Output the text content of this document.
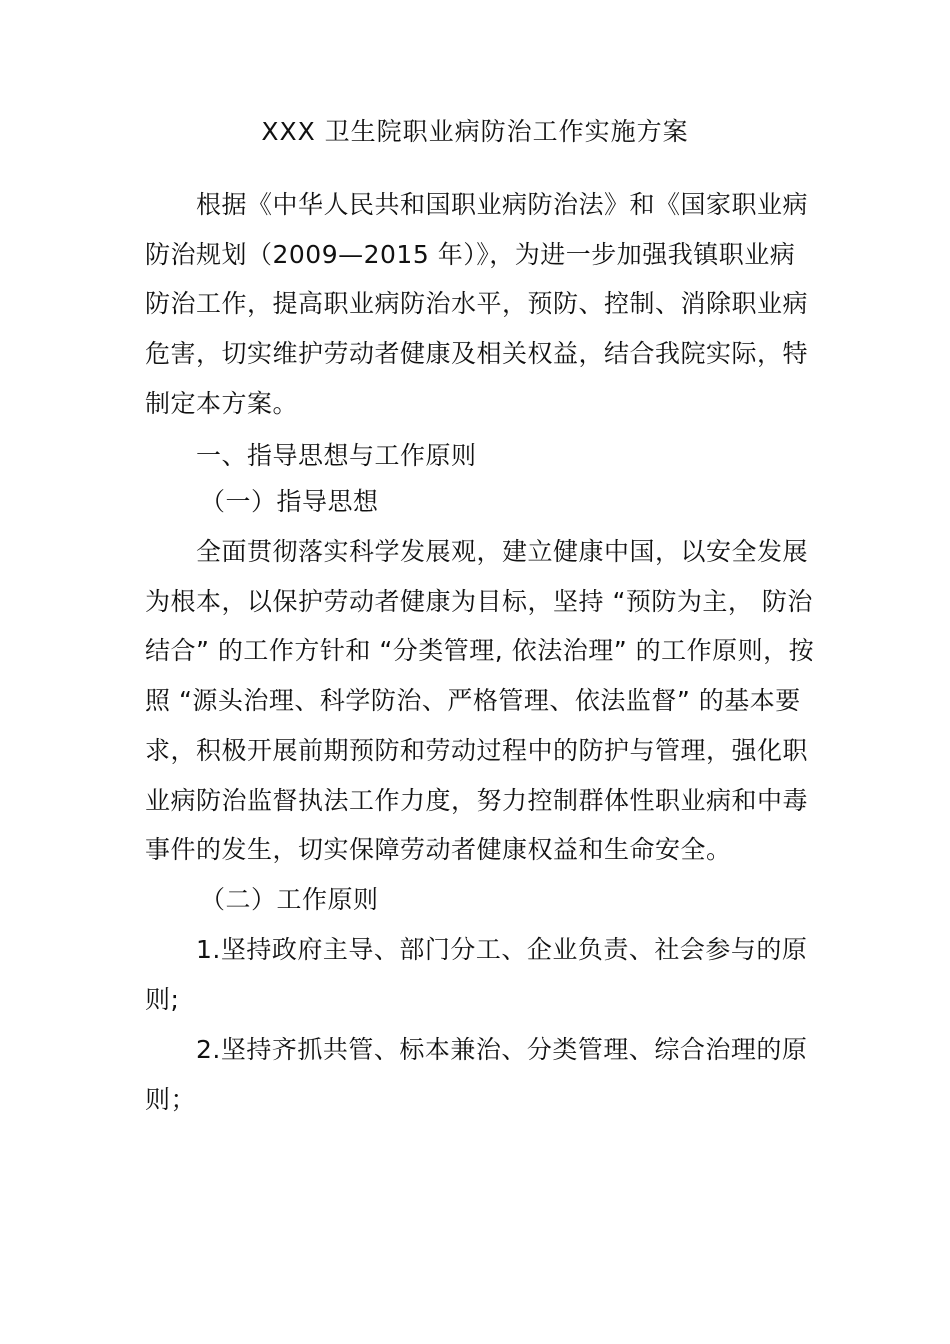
XXX 卫生院职业病防治工作实施方案
根据《中华人民共和国职业病防治法》和《国家职业病
防治规划（2009—2015 年）》，为进一步加强我镇职业病
防治工作，提高职业病防治水平，预防、控制、消除职业病
危害，切实维护劳动者健康及相关权益，结合我院实际，特
制定本方案。
一、指导思想与工作原则
（一）指导思想
全面贯彻落实科学发展观，建立健康中国，以安全发展
为根本，以保护劳动者健康为目标，坚持 “预防为主， 防治
结合” 的工作方针和 “分类管理, 依法治理” 的工作原则，按
照 “源头治理、科学防治、严格管理、依法监督” 的基本要
求，积极开展前期预防和劳动过程中的防护与管理，强化职
业病防治监督执法工作力度，努力控制群体性职业病和中毒
事件的发生，切实保障劳动者健康权益和生命安全。
（二）工作原则
1.坚持政府主导、部门分工、企业负责、社会参与的原
则;
2.坚持齐抓共管、标本兼治、分类管理、综合治理的原
则；
